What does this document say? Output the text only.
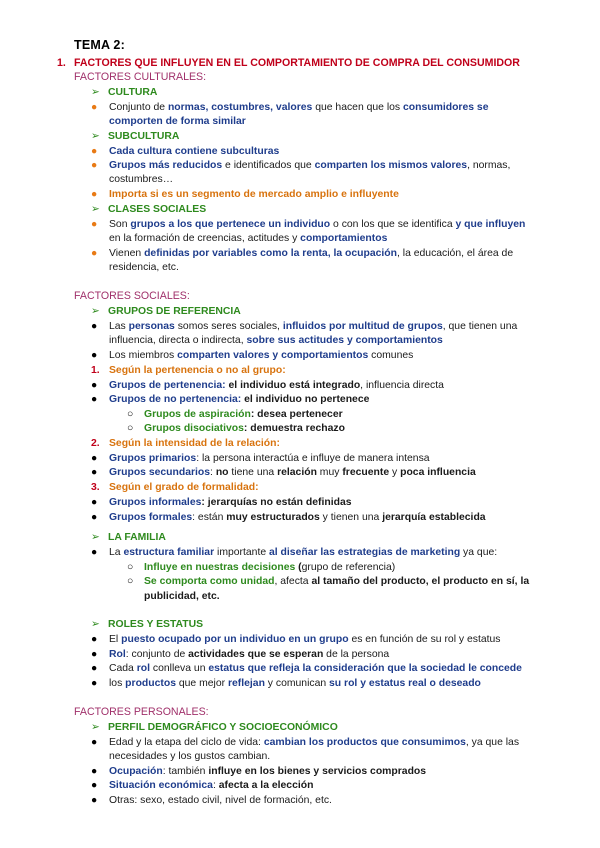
TEMA 2:
1. FACTORES QUE INFLUYEN EN EL COMPORTAMIENTO DE COMPRA DEL CONSUMIDOR
FACTORES CULTURALES:
➢ CULTURA
● Conjunto de normas, costumbres, valores que hacen que los consumidores se
comporten de forma similar
➢ SUBCULTURA
● Cada cultura contiene subculturas
● Grupos más reducidos e identificados que comparten los mismos valores, normas,
costumbres…
● Importa si es un segmento de mercado amplio e influyente
➢ CLASES SOCIALES
● Son grupos a los que pertenece un individuo o con los que se identifica y que influyen
en la formación de creencias, actitudes y comportamientos
● Vienen definidas por variables como la renta, la ocupación, la educación, el área de
residencia, etc.
FACTORES SOCIALES:
➢ GRUPOS DE REFERENCIA
● Las personas somos seres sociales, influidos por multitud de grupos, que tienen una
influencia, directa o indirecta, sobre sus actitudes y comportamientos
● Los miembros comparten valores y comportamientos comunes
1. Según la pertenencia o no al grupo:
● Grupos de pertenencia: el individuo está integrado, influencia directa
● Grupos de no pertenencia: el individuo no pertenece
○ Grupos de aspiración: desea pertenecer
○ Grupos disociativos: demuestra rechazo
2. Según la intensidad de la relación:
● Grupos primarios: la persona interactúa e influye de manera intensa
● Grupos secundarios: no tiene una relación muy frecuente y poca influencia
3. Según el grado de formalidad:
● Grupos informales: jerarquías no están definidas
● Grupos formales: están muy estructurados y tienen una jerarquía establecida
➢ LA FAMILIA
● La estructura familiar importante al diseñar las estrategias de marketing ya que:
○ Influye en nuestras decisiones (grupo de referencia)
○ Se comporta como unidad, afecta al tamaño del producto, el producto en sí, la
publicidad, etc.
➢ ROLES Y ESTATUS
● El puesto ocupado por un individuo en un grupo es en función de su rol y estatus
● Rol: conjunto de actividades que se esperan de la persona
● Cada rol conlleva un estatus que refleja la consideración que la sociedad le concede
● los productos que mejor reflejan y comunican su rol y estatus real o deseado
FACTORES PERSONALES:
➢ PERFIL DEMOGRÁFICO Y SOCIOECONÓMICO
● Edad y la etapa del ciclo de vida: cambian los productos que consumimos, ya que las
necesidades y los gustos cambian.
● Ocupación: también influye en los bienes y servicios comprados
● Situación económica: afecta a la elección
● Otras: sexo, estado civil, nivel de formación, etc.
